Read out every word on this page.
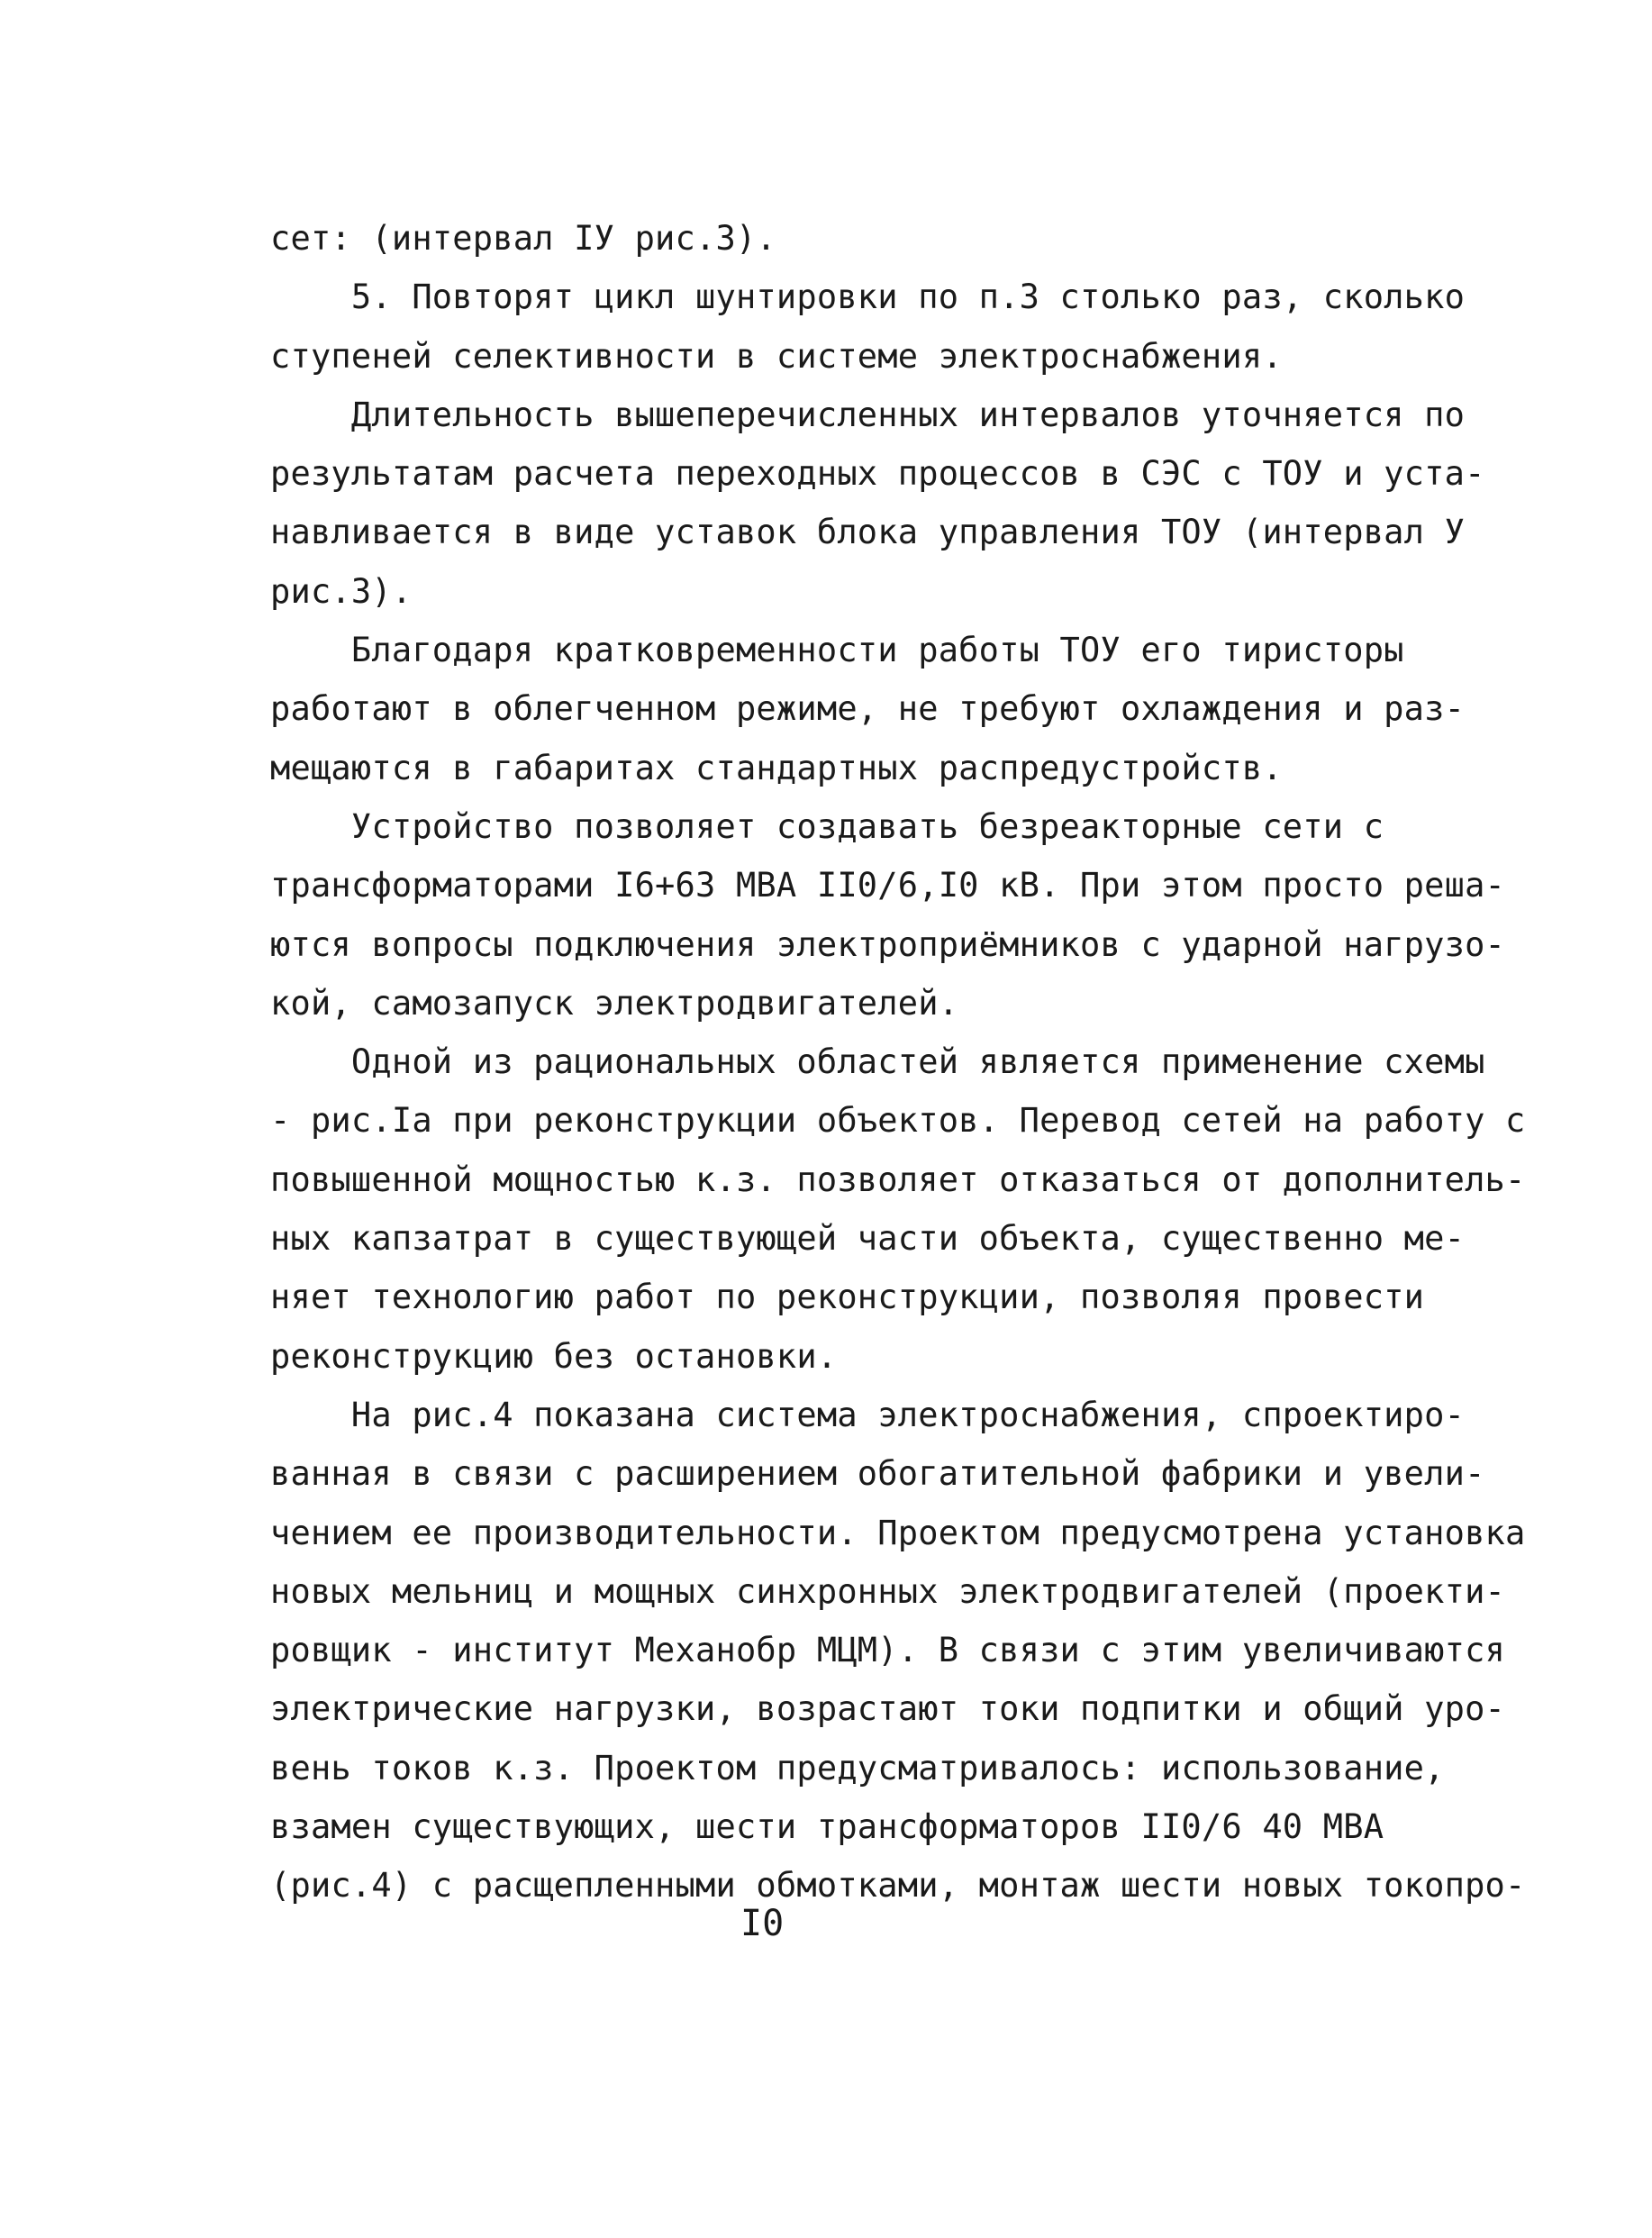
сет: (интервал IУ рис.3).
5. Повторят цикл шунтировки по п.3 столько раз, сколько
ступеней селективности в системе электроснабжения.
Длительность вышеперечисленных интервалов уточняется по
результатам расчета переходных процессов в СЭС с ТОУ и уста-
навливается в виде уставок блока управления ТОУ (интервал У
рис.3).
Благодаря кратковременности работы ТОУ его тиристоры
работают в облегченном режиме, не требуют охлаждения и раз-
мещаются в габаритах стандартных распредустройств.
Устройство позволяет создавать безреакторные сети с
трансформаторами I6+63 МВА II0/6,I0 кВ. При этом просто реша-
ются вопросы подключения электроприёмников с ударной нагрузо-
кой, самозапуск электродвигателей.
Одной из рациональных областей является применение схемы
- рис.Iа при реконструкции объектов. Перевод сетей на работу с
повышенной мощностью к.з. позволяет отказаться от дополнитель-
ных капзатрат в существующей части объекта, существенно ме-
няет технологию работ по реконструкции, позволяя провести
реконструкцию без остановки.
На рис.4 показана система электроснабжения, спроектиро-
ванная в связи с расширением обогатительной фабрики и увели-
чением ее производительности. Проектом предусмотрена установка
новых мельниц и мощных синхронных электродвигателей (проекти-
ровщик - институт Механобр МЦМ). В связи с этим увеличиваются
электрические нагрузки, возрастают токи подпитки и общий уро-
вень токов к.з. Проектом предусматривалось: использование,
взамен существующих, шести трансформаторов II0/6 40 МВА
(рис.4) с расщепленными обмотками, монтаж шести новых токопро-
I0
